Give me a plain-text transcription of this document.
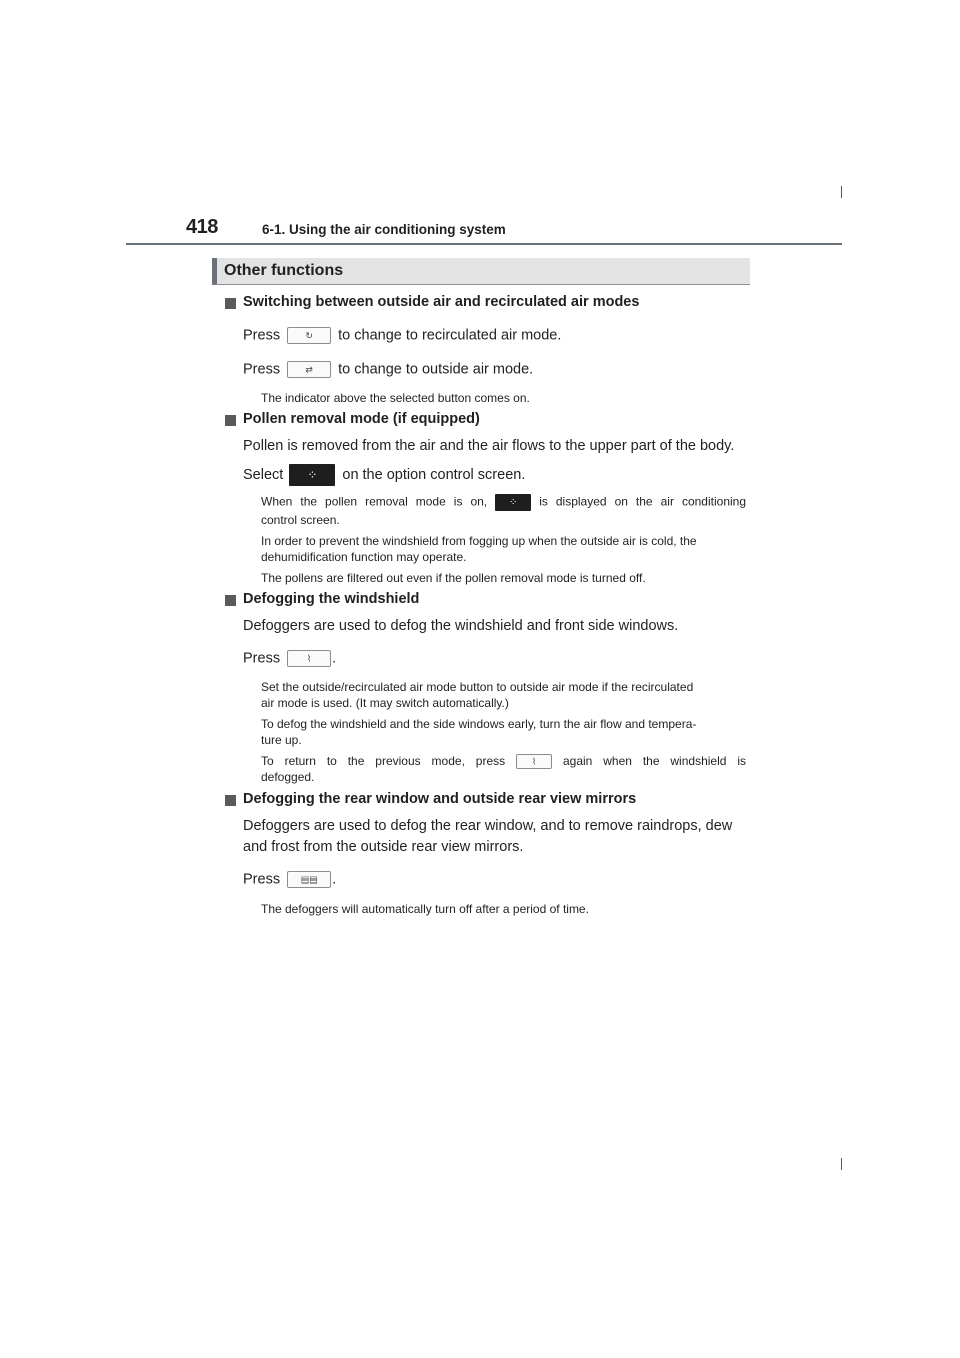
418	6-1. Using the air conditioning system
Other functions
Switching between outside air and recirculated air modes
Press	↻ to change to recirculated air mode.
Press	⇄ to change to outside air mode.
The indicator above the selected button comes on.
Pollen removal mode (if equipped)
Pollen is removed from the air and the air flows to the upper part of the body.
Select ⁘ on the option control screen.
When the pollen removal mode is on, ⁘ is displayed on the air conditioning
control screen.
In order to prevent the windshield from fogging up when the outside air is cold, the
dehumidification function may operate.
The pollens are filtered out even if the pollen removal mode is turned off.
Defogging the windshield
Defoggers are used to defog the windshield and front side windows.
Press	⌇ .
Set the outside/recirculated air mode button to outside air mode if the recirculated
air mode is used. (It may switch automatically.)
To defog the windshield and the side windows early, turn the air flow and tempera-
ture up.
To return to the previous mode, press	⌇ again when the windshield is
defogged.
Defogging the rear window and outside rear view mirrors
Defoggers are used to defog the rear window, and to remove raindrops, dew
and frost from the outside rear view mirrors.
Press ▤▤ .
The defoggers will automatically turn off after a period of time.
